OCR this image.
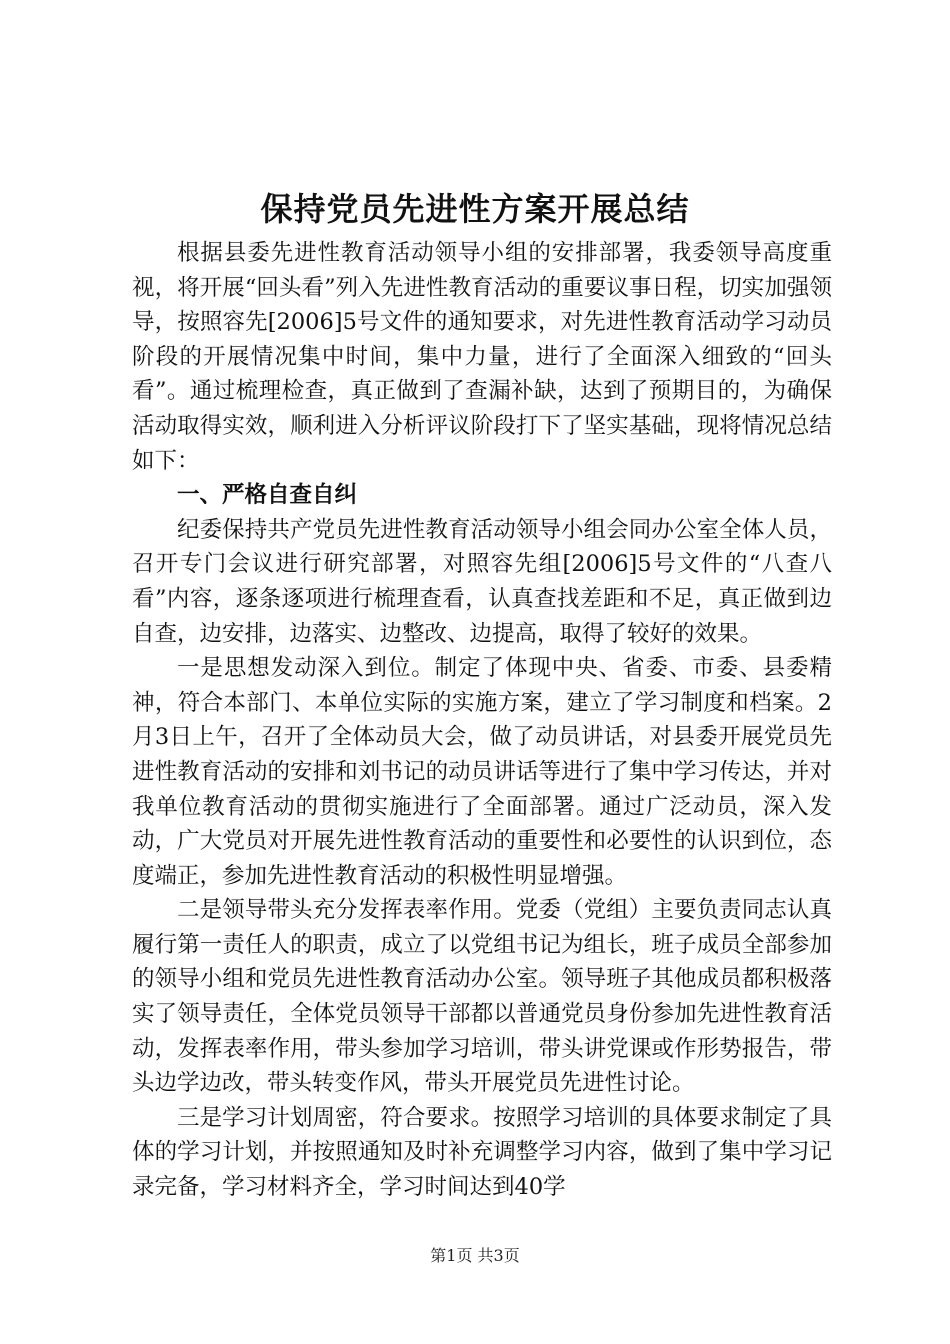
保持党员先进性方案开展总结

根据县委先进性教育活动领导小组的安排部署，我委领导高度重视，将开展“回头看”列入先进性教育活动的重要议事日程，切实加强领导，按照容先[2006]5号文件的通知要求，对先进性教育活动学习动员阶段的开展情况集中时间，集中力量，进行了全面深入细致的“回头看”。通过梳理检查，真正做到了查漏补缺，达到了预期目的，为确保活动取得实效，顺利进入分析评议阶段打下了坚实基础，现将情况总结如下：

一、严格自查自纠

纪委保持共产党员先进性教育活动领导小组会同办公室全体人员，召开专门会议进行研究部署，对照容先组[2006]5号文件的“八查八看”内容，逐条逐项进行梳理查看，认真查找差距和不足，真正做到边自查，边安排，边落实、边整改、边提高，取得了较好的效果。

一是思想发动深入到位。制定了体现中央、省委、市委、县委精神，符合本部门、本单位实际的实施方案，建立了学习制度和档案。2月3日上午，召开了全体动员大会，做了动员讲话，对县委开展党员先进性教育活动的安排和刘书记的动员讲话等进行了集中学习传达，并对我单位教育活动的贯彻实施进行了全面部署。通过广泛动员，深入发动，广大党员对开展先进性教育活动的重要性和必要性的认识到位，态度端正，参加先进性教育活动的积极性明显增强。

二是领导带头充分发挥表率作用。党委（党组）主要负责同志认真履行第一责任人的职责，成立了以党组书记为组长，班子成员全部参加的领导小组和党员先进性教育活动办公室。领导班子其他成员都积极落实了领导责任，全体党员领导干部都以普通党员身份参加先进性教育活动，发挥表率作用，带头参加学习培训，带头讲党课或作形势报告，带头边学边改，带头转变作风，带头开展党员先进性讨论。

三是学习计划周密，符合要求。按照学习培训的具体要求制定了具体的学习计划，并按照通知及时补充调整学习内容，做到了集中学习记录完备，学习材料齐全，学习时间达到40学

第1页 共3页
